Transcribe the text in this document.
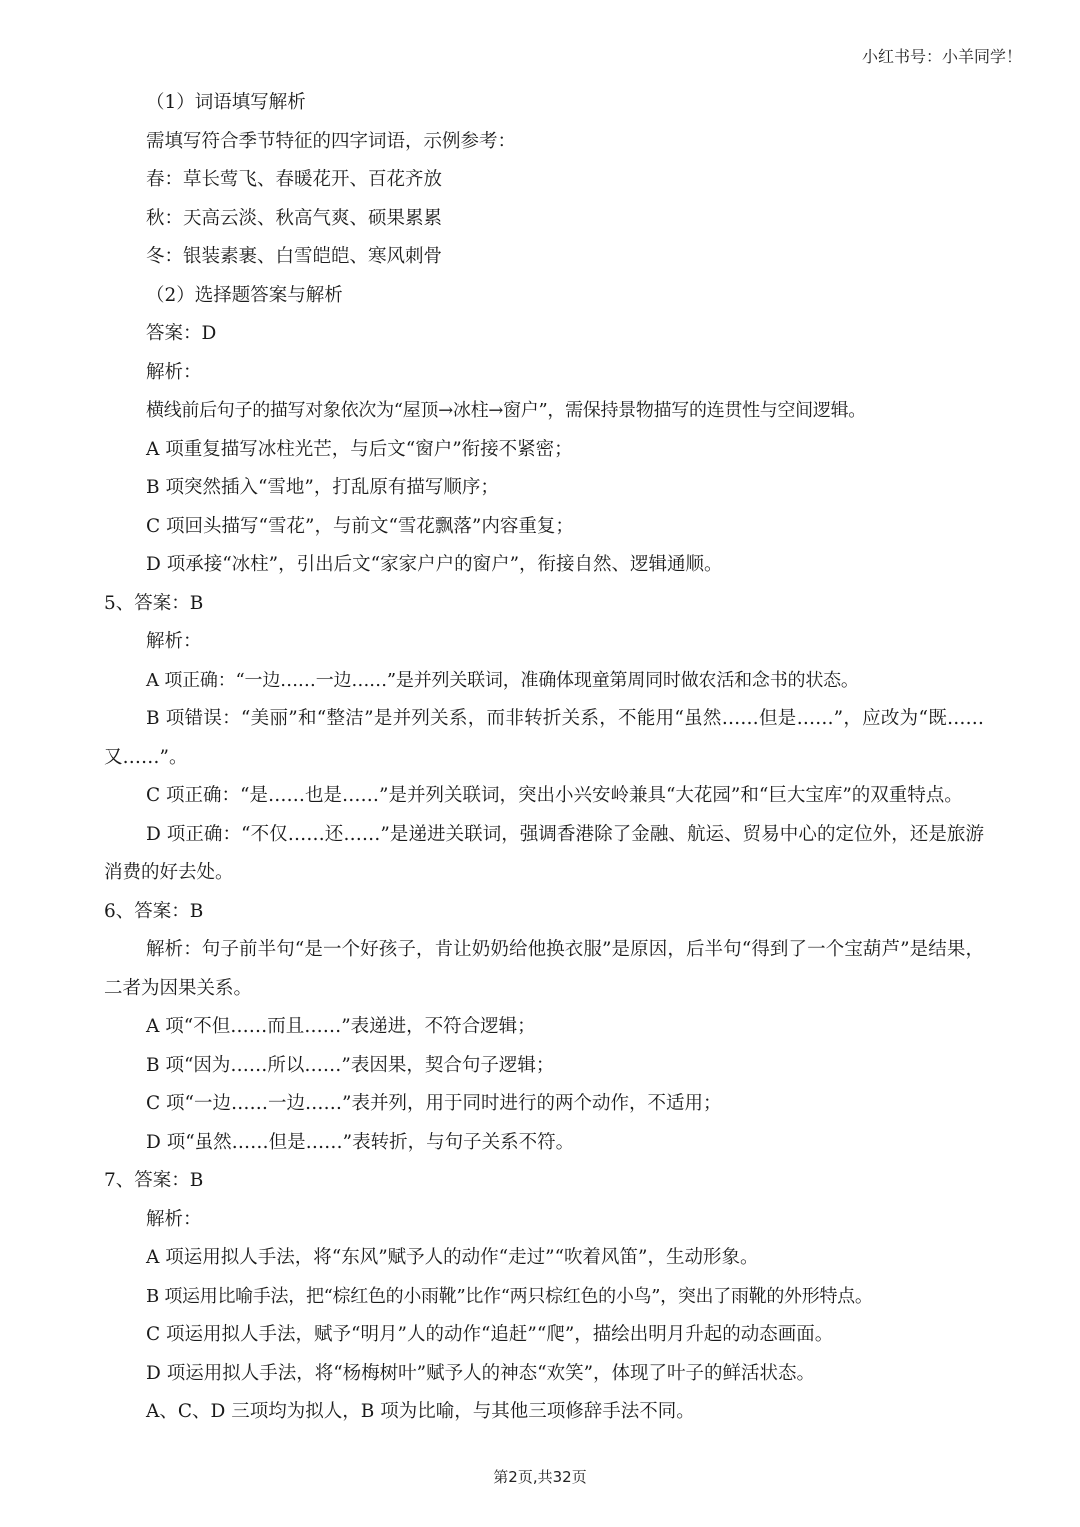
小红书号：小羊同学！
（1）词语填写解析
需填写符合季节特征的四字词语，示例参考：
春：草长莺飞、春暖花开、百花齐放
秋：天高云淡、秋高气爽、硕果累累
冬：银装素裹、白雪皑皑、寒风刺骨
（2）选择题答案与解析
答案：D
解析：
横线前后句子的描写对象依次为“屋顶→冰柱→窗户”，需保持景物描写的连贯性与空间逻辑。
A 项重复描写冰柱光芒，与后文“窗户”衔接不紧密；
B 项突然插入“雪地”，打乱原有描写顺序；
C 项回头描写“雪花”，与前文“雪花飘落”内容重复；
D 项承接“冰柱”，引出后文“家家户户的窗户”，衔接自然、逻辑通顺。
5、答案：B
解析：
A 项正确：“一边……一边……”是并列关联词，准确体现童第周同时做农活和念书的状态。
B 项错误：“美丽”和“整洁”是并列关系，而非转折关系，不能用“虽然……但是……”，应改为“既……又……”。
C 项正确：“是……也是……”是并列关联词，突出小兴安岭兼具“大花园”和“巨大宝库”的双重特点。
D 项正确：“不仅……还……”是递进关联词，强调香港除了金融、航运、贸易中心的定位外，还是旅游消费的好去处。
6、答案：B
解析：句子前半句“是一个好孩子，肯让奶奶给他换衣服”是原因，后半句“得到了一个宝葫芦”是结果，二者为因果关系。
A 项“不但……而且……”表递进，不符合逻辑；
B 项“因为……所以……”表因果，契合句子逻辑；
C 项“一边……一边……”表并列，用于同时进行的两个动作，不适用；
D 项“虽然……但是……”表转折，与句子关系不符。
7、答案：B
解析：
A 项运用拟人手法，将“东风”赋予人的动作“走过”“吹着风笛”，生动形象。
B 项运用比喻手法，把“棕红色的小雨靴”比作“两只棕红色的小鸟”，突出了雨靴的外形特点。
C 项运用拟人手法，赋予“明月”人的动作“追赶”“爬”，描绘出明月升起的动态画面。
D 项运用拟人手法，将“杨梅树叶”赋予人的神态“欢笑”，体现了叶子的鲜活状态。
A、C、D 三项均为拟人，B 项为比喻，与其他三项修辞手法不同。
第2页,共32页
